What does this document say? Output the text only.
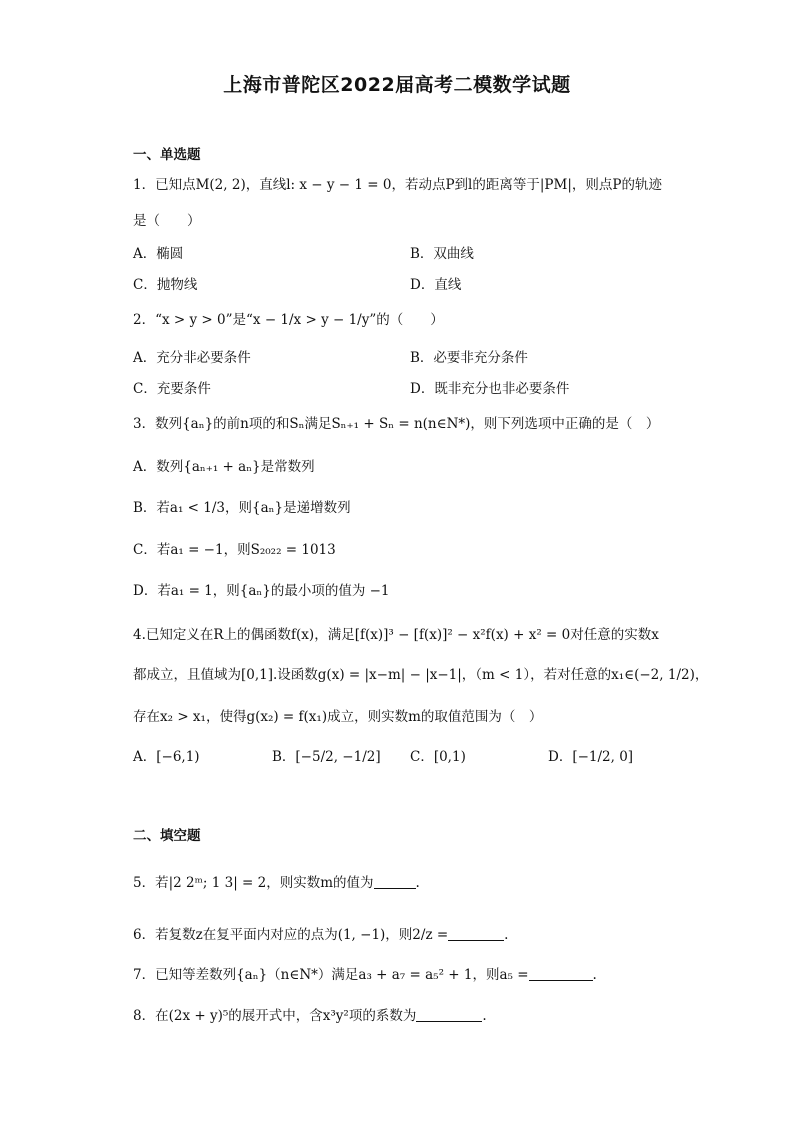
上海市普陀区2022届高考二模数学试题
一、单选题
1．已知点M(2, 2)，直线l: x − y − 1 = 0，若动点P到l的距离等于|PM|，则点P的轨迹
是（　　）
A．椭圆	B．双曲线
C．抛物线	D．直线
2．“x > y > 0”是“x − 1/x > y − 1/y”的（　　）
A．充分非必要条件	B．必要非充分条件
C．充要条件	D．既非充分也非必要条件
3．数列{aₙ}的前n项的和Sₙ满足Sₙ₊₁ + Sₙ = n(n∈N*)，则下列选项中正确的是（　）
A．数列{aₙ₊₁ + aₙ}是常数列
B．若a₁ < 1/3，则{aₙ}是递增数列
C．若a₁ = −1，则S₂₀₂₂ = 1013
D．若a₁ = 1，则{aₙ}的最小项的值为 −1
4.已知定义在R上的偶函数f(x)，满足[f(x)]³ − [f(x)]² − x²f(x) + x² = 0对任意的实数x
都成立，且值域为[0,1].设函数g(x) = |x−m| − |x−1|，（m < 1），若对任意的x₁∈(−2, 1/2)，
存在x₂ > x₁，使得g(x₂) = f(x₁)成立，则实数m的取值范围为（　）
A．[−6,1)	B．[−5/2, −1/2] C．[0,1)	D．[−1/2, 0]
二、填空题
5．若|2 2ᵐ; 1 3| = 2，则实数m的值为	.
6．若复数z在复平面内对应的点为(1, −1)，则2/z =	.
7．已知等差数列{aₙ}（n∈N*）满足a₃ + a₇ = a₅² + 1，则a₅ =	.
8．在(2x + y)⁵的展开式中，含x³y²项的系数为	.
